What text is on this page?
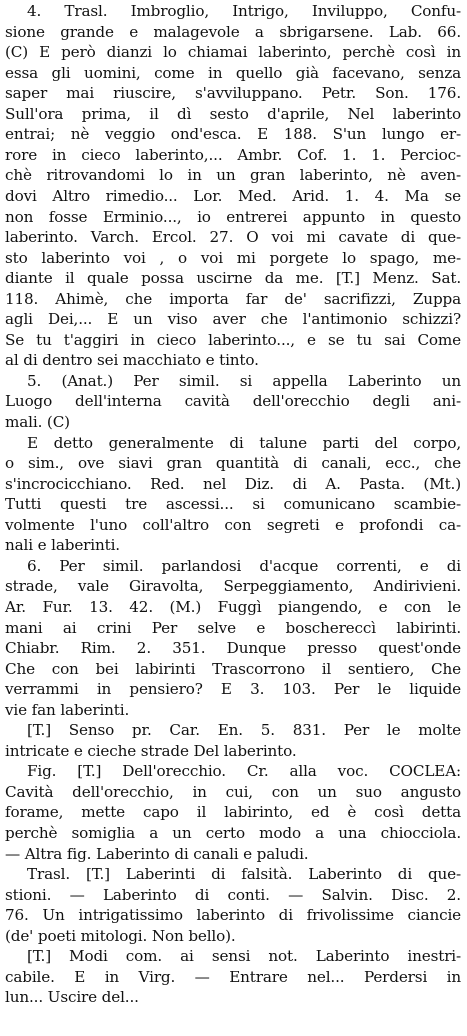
4. Trasl. Imbroglio, Intrigo, Inviluppo, Confu-
sione grande e malagevole a sbrigarsene. Lab. 66.
(C) E però dianzi lo chiamai laberinto, perchè così in
essa gli uomini, come in quello già facevano, senza
saper mai riuscire, s'avviluppano. Petr. Son. 176.
Sull'ora prima, il dì sesto d'aprile, Nel laberinto
entrai; nè veggio ond'esca. E 188. S'un lungo er-
rore in cieco laberinto,... Ambr. Cof. 1. 1. Percioc-
chè ritrovandomi lo in un gran laberinto, nè aven-
dovi Altro rimedio... Lor. Med. Arid. 1. 4. Ma se
non fosse Erminio..., io entrerei appunto in questo
laberinto. Varch. Ercol. 27. O voi mi cavate di que-
sto laberinto voi , o voi mi porgete lo spago, me-
diante il quale possa uscirne da me. [T.] Menz. Sat.
118. Ahimè, che importa far de' sacrifizzi, Zuppa
agli Dei,... E un viso aver che l'antimonio schizzi?
Se tu t'aggiri in cieco laberinto..., e se tu sai Come
al di dentro sei macchiato e tinto.
5. (Anat.) Per simil. si appella Laberinto un
Luogo dell'interna cavità dell'orecchio degli ani-
mali. (C)
E detto generalmente di talune parti del corpo,
o sim., ove siavi gran quantità di canali, ecc., che
s'incrocicchiano. Red. nel Diz. di A. Pasta. (Mt.)
Tutti questi tre ascessi... si comunicano scambie-
volmente l'uno coll'altro con segreti e profondi ca-
nali e laberinti.
6. Per simil. parlandosi d'acque correnti, e di
strade, vale Giravolta, Serpeggiamento, Andirivieni.
Ar. Fur. 13. 42. (M.) Fuggì piangendo, e con le
mani ai crini Per selve e boschereccì labirinti.
Chiabr. Rim. 2. 351. Dunque presso quest'onde
Che con bei labirinti Trascorrono il sentiero, Che
verrammi in pensiero? E 3. 103. Per le liquide
vie fan laberinti.
[T.] Senso pr. Car. En. 5. 831. Per le molte
intricate e cieche strade Del laberinto.
Fig. [T.] Dell'orecchio. Cr. alla voc. COCLEA:
Cavità dell'orecchio, in cui, con un suo angusto
forame, mette capo il labirinto, ed è così detta
perchè somiglia a un certo modo a una chiocciola.
— Altra fig. Laberinto di canali e paludi.
Trasl. [T.] Laberinti di falsità. Laberinto di que-
stioni. — Laberinto di conti. — Salvin. Disc. 2.
76. Un intrigatissimo laberinto di frivolissime ciancie
(de' poeti mitologi. Non bello).
[T.] Modi com. ai sensi not. Laberinto inestri-
cabile. E in Virg. — Entrare nel... Perdersi in
lun... Uscire del...
